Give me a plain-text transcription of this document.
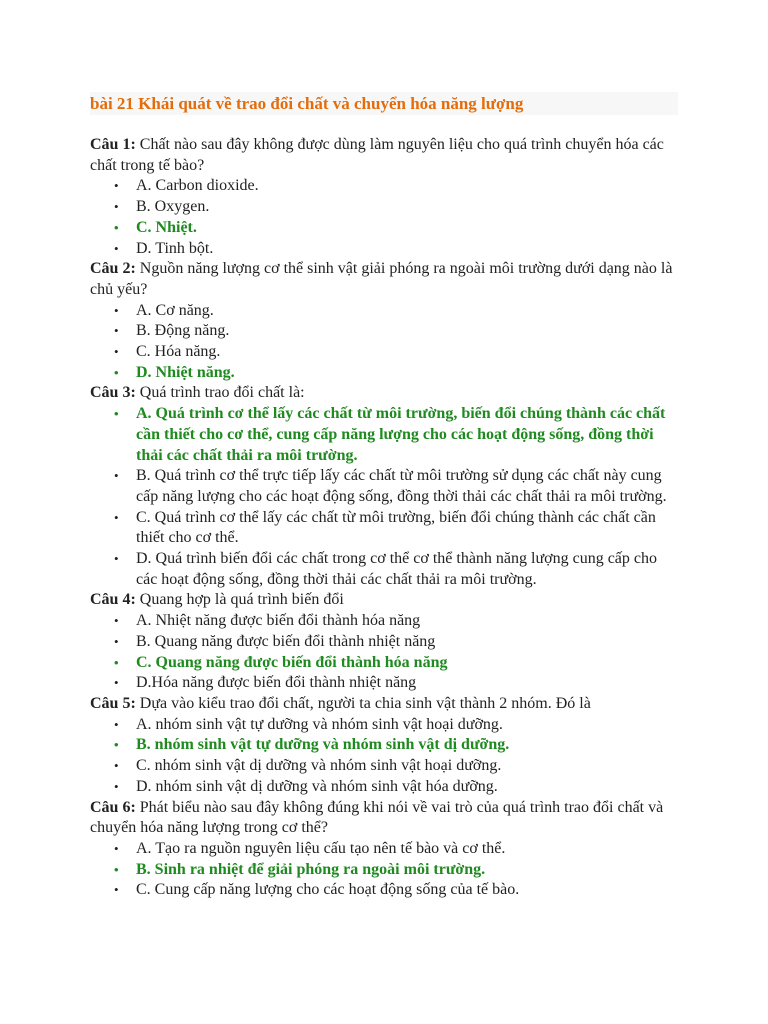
bài 21 Khái quát về trao đổi chất và chuyển hóa năng lượng

Câu 1: Chất nào sau đây không được dùng làm nguyên liệu cho quá trình chuyển hóa các chất trong tế bào?

• A. Carbon dioxide.
• B. Oxygen.
• C. Nhiệt.
• D. Tinh bột.

Câu 2: Nguồn năng lượng cơ thể sinh vật giải phóng ra ngoài môi trường dưới dạng nào là chủ yếu?

• A. Cơ năng.
• B. Động năng.
• C. Hóa năng.
• D. Nhiệt năng.

Câu 3: Quá trình trao đổi chất là:

• A. Quá trình cơ thể lấy các chất từ môi trường, biến đổi chúng thành các chất cần thiết cho cơ thể, cung cấp năng lượng cho các hoạt động sống, đồng thời thải các chất thải ra môi trường.
• B. Quá trình cơ thể trực tiếp lấy các chất từ môi trường sử dụng các chất này cung cấp năng lượng cho các hoạt động sống, đồng thời thải các chất thải ra môi trường.
• C. Quá trình cơ thể lấy các chất từ môi trường, biến đổi chúng thành các chất cần thiết cho cơ thể.
• D. Quá trình biến đổi các chất trong cơ thể cơ thể thành năng lượng cung cấp cho các hoạt động sống, đồng thời thải các chất thải ra môi trường.

Câu 4: Quang hợp là quá trình biến đổi

• A. Nhiệt năng được biến đổi thành hóa năng
• B. Quang năng được biến đổi thành nhiệt năng
• C. Quang năng được biến đổi thành hóa năng
• D.Hóa năng được biến đổi thành nhiệt năng

Câu 5: Dựa vào kiểu trao đổi chất, người ta chia sinh vật thành 2 nhóm. Đó là

• A. nhóm sinh vật tự dưỡng và nhóm sinh vật hoại dưỡng.
• B. nhóm sinh vật tự dưỡng và nhóm sinh vật dị dưỡng.
• C. nhóm sinh vật dị dưỡng và nhóm sinh vật hoại dưỡng.
• D. nhóm sinh vật dị dưỡng và nhóm sinh vật hóa dưỡng.

Câu 6: Phát biểu nào sau đây không đúng khi nói về vai trò của quá trình trao đổi chất và chuyển hóa năng lượng trong cơ thể?

• A. Tạo ra nguồn nguyên liệu cấu tạo nên tế bào và cơ thể.
• B. Sinh ra nhiệt để giải phóng ra ngoài môi trường.
• C. Cung cấp năng lượng cho các hoạt động sống của tế bào.
